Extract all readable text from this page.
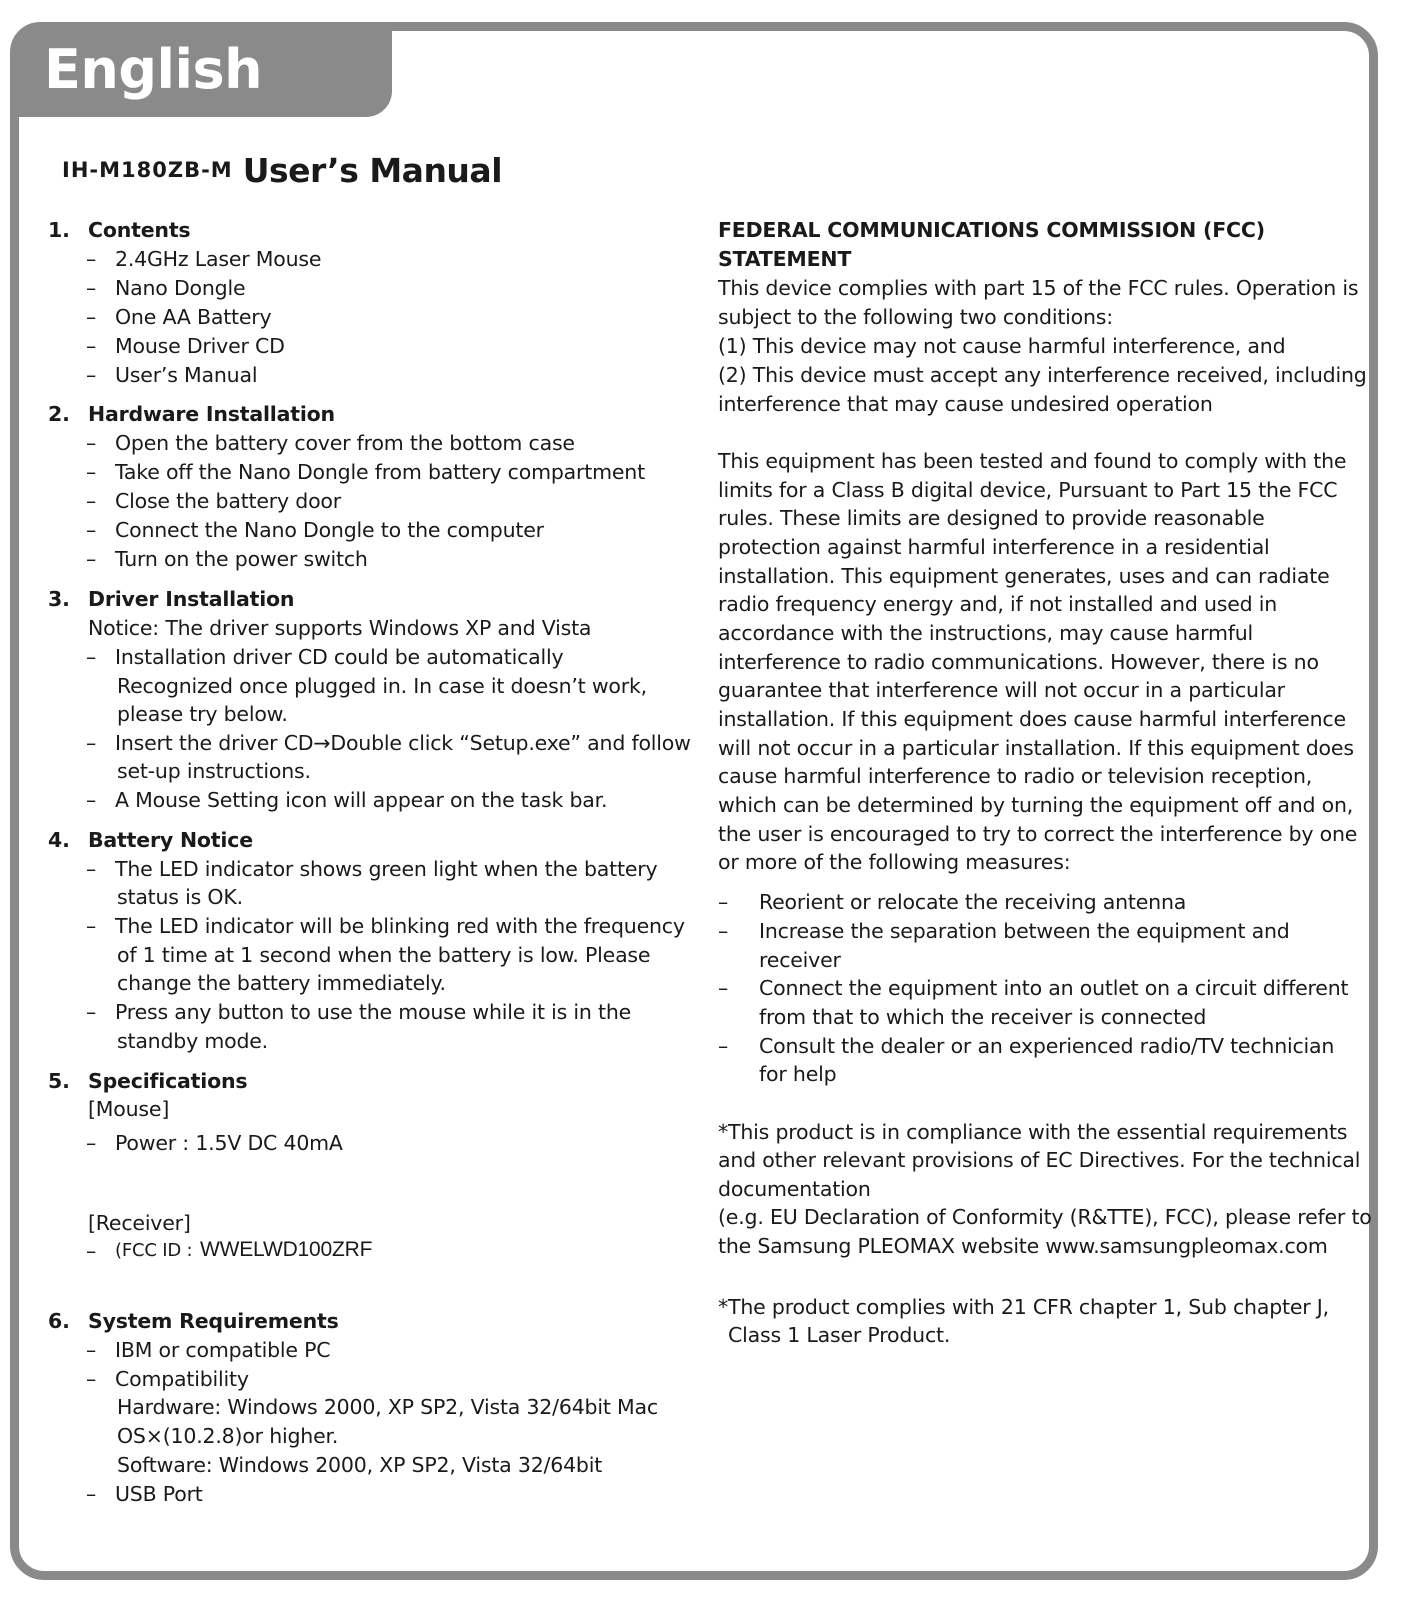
English
IH-M180ZB-M User’s Manual
1. Contents
– 2.4GHz Laser Mouse
– Nano Dongle
– One AA Battery
– Mouse Driver CD
– User’s Manual
2. Hardware Installation
– Open the battery cover from the bottom case
– Take off the Nano Dongle from battery compartment
– Close the battery door
– Connect the Nano Dongle to the computer
– Turn on the power switch
3. Driver Installation
Notice: The driver supports Windows XP and Vista
– Installation driver CD could be automatically
Recognized once plugged in. In case it doesn’t work,
please try below.
– Insert the driver CD→Double click “Setup.exe” and follow
set-up instructions.
– A Mouse Setting icon will appear on the task bar.
4. Battery Notice
– The LED indicator shows green light when the battery
status is OK.
– The LED indicator will be blinking red with the frequency
of 1 time at 1 second when the battery is low. Please
change the battery immediately.
– Press any button to use the mouse while it is in the
standby mode.
5. Specifications
[Mouse]
– Power : 1.5V DC 40mA
[Receiver]
– (FCC ID : WWELWD100ZRF
6. System Requirements
– IBM or compatible PC
– Compatibility
Hardware: Windows 2000, XP SP2, Vista 32/64bit Mac
OS×(10.2.8)or higher.
Software: Windows 2000, XP SP2, Vista 32/64bit
– USB Port
FEDERAL COMMUNICATIONS COMMISSION (FCC)
STATEMENT
This device complies with part 15 of the FCC rules. Operation is
subject to the following two conditions:
(1) This device may not cause harmful interference, and
(2) This device must accept any interference received, including
interference that may cause undesired operation
This equipment has been tested and found to comply with the
limits for a Class B digital device, Pursuant to Part 15 the FCC
rules. These limits are designed to provide reasonable
protection against harmful interference in a residential
installation. This equipment generates, uses and can radiate
radio frequency energy and, if not installed and used in
accordance with the instructions, may cause harmful
interference to radio communications. However, there is no
guarantee that interference will not occur in a particular
installation. If this equipment does cause harmful interference
will not occur in a particular installation. If this equipment does
cause harmful interference to radio or television reception,
which can be determined by turning the equipment off and on,
the user is encouraged to try to correct the interference by one
or more of the following measures:
– Reorient or relocate the receiving antenna
– Increase the separation between the equipment and
receiver
– Connect the equipment into an outlet on a circuit different
from that to which the receiver is connected
– Consult the dealer or an experienced radio/TV technician
for help
*This product is in compliance with the essential requirements
and other relevant provisions of EC Directives. For the technical
documentation
(e.g. EU Declaration of Conformity (R&TTE), FCC), please refer to
the Samsung PLEOMAX website www.samsungpleomax.com
*The product complies with 21 CFR chapter 1, Sub chapter J,
Class 1 Laser Product.
